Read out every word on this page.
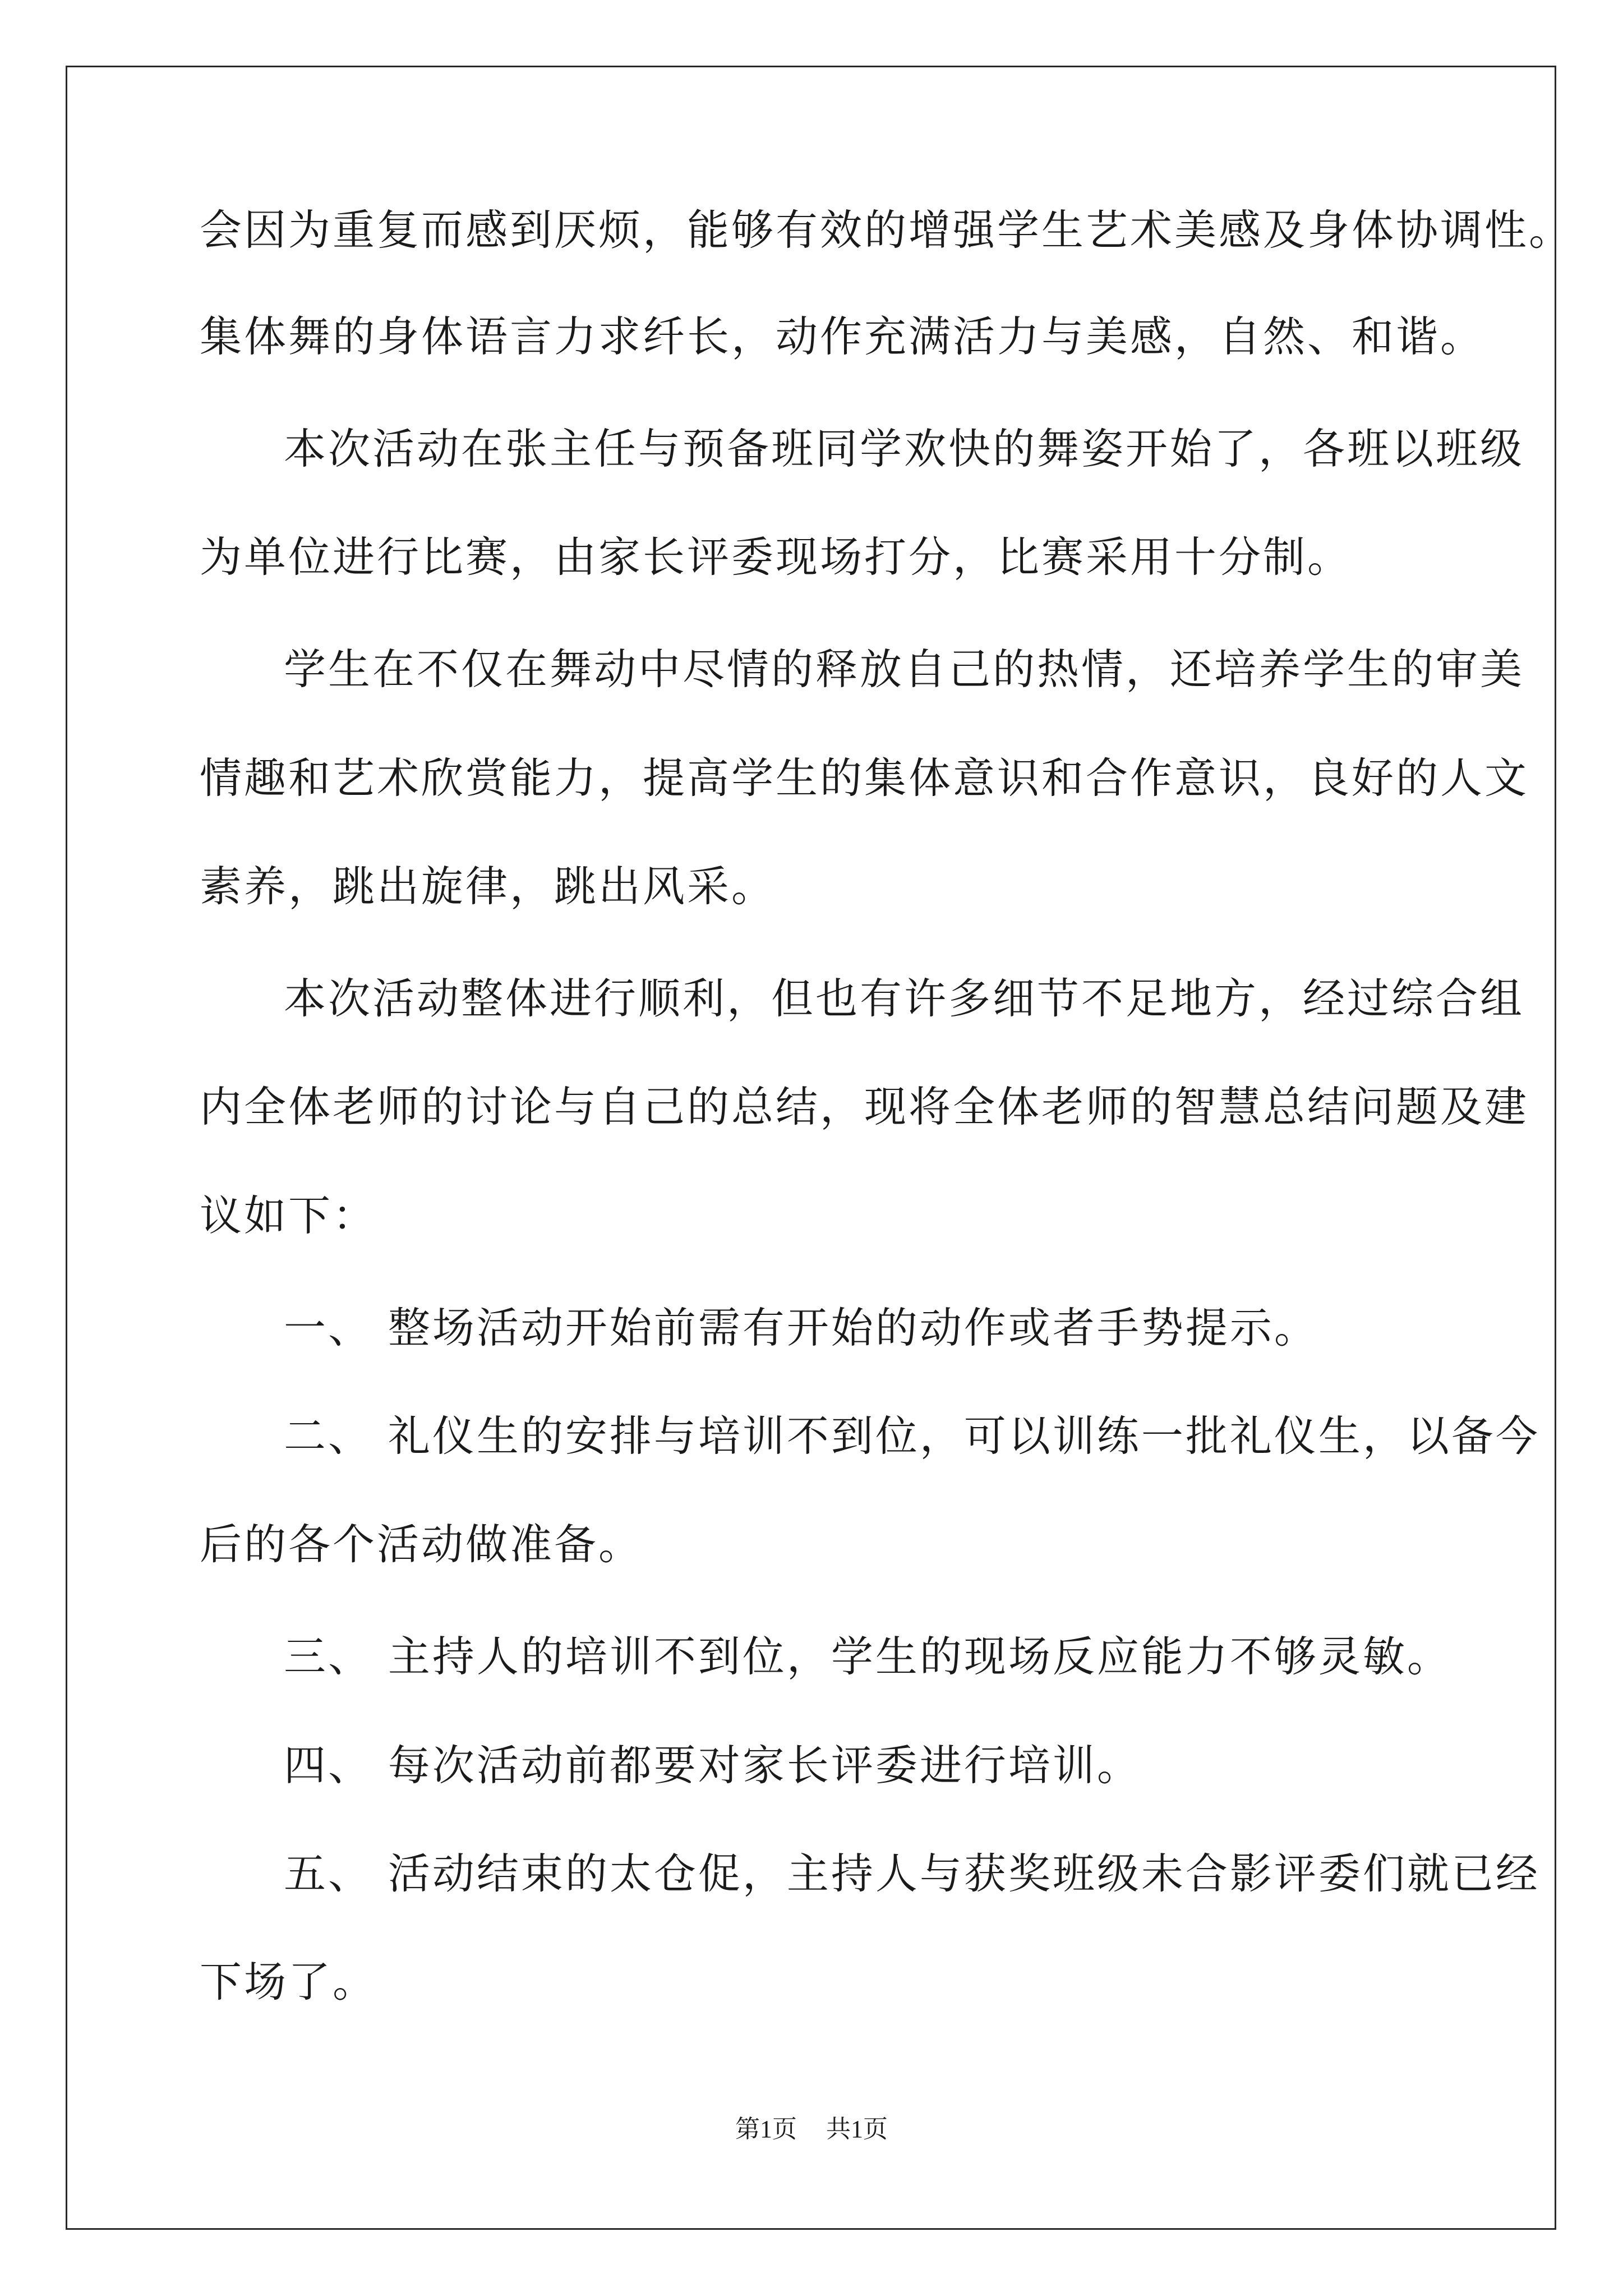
会因为重复而感到厌烦，能够有效的增强学生艺术美感及身体协调性。
集体舞的身体语言力求纤长，动作充满活力与美感，自然、和谐。
本次活动在张主任与预备班同学欢快的舞姿开始了，各班以班级
为单位进行比赛，由家长评委现场打分，比赛采用十分制。
学生在不仅在舞动中尽情的释放自己的热情，还培养学生的审美
情趣和艺术欣赏能力，提高学生的集体意识和合作意识，良好的人文
素养，跳出旋律，跳出风采。
本次活动整体进行顺利，但也有许多细节不足地方，经过综合组
内全体老师的讨论与自己的总结，现将全体老师的智慧总结问题及建
议如下：
一、 整场活动开始前需有开始的动作或者手势提示。
二、 礼仪生的安排与培训不到位，可以训练一批礼仪生，以备今
后的各个活动做准备。
三、 主持人的培训不到位，学生的现场反应能力不够灵敏。
四、 每次活动前都要对家长评委进行培训。
五、 活动结束的太仓促，主持人与获奖班级未合影评委们就已经
下场了。
第1页 共1页
